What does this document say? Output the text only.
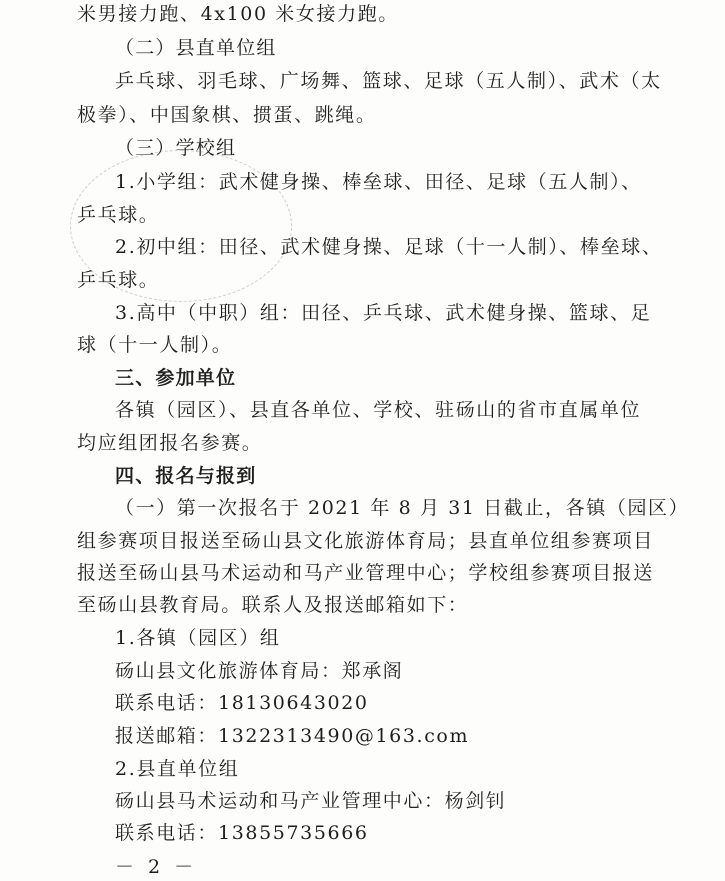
米男接力跑、4x100 米女接力跑。
（二）县直单位组
乒乓球、羽毛球、广场舞、篮球、足球（五人制）、武术（太
极拳）、中国象棋、掼蛋、跳绳。
（三）学校组
1.小学组：武术健身操、棒垒球、田径、足球（五人制）、
乒乓球。
2.初中组：田径、武术健身操、足球（十一人制）、棒垒球、
乒乓球。
3.高中（中职）组：田径、乒乓球、武术健身操、篮球、足
球（十一人制）。
三、参加单位
各镇（园区）、县直各单位、学校、驻砀山的省市直属单位
均应组团报名参赛。
四、报名与报到
（一）第一次报名于 2021 年 8 月 31 日截止，各镇（园区）
组参赛项目报送至砀山县文化旅游体育局；县直单位组参赛项目
报送至砀山县马术运动和马产业管理中心；学校组参赛项目报送
至砀山县教育局。联系人及报送邮箱如下：
1.各镇（园区）组
砀山县文化旅游体育局：郑承阁
联系电话：18130643020
报送邮箱：1322313490@163.com
2.县直单位组
砀山县马术运动和马产业管理中心：杨剑钊
联系电话：13855735666
－ 2 －
